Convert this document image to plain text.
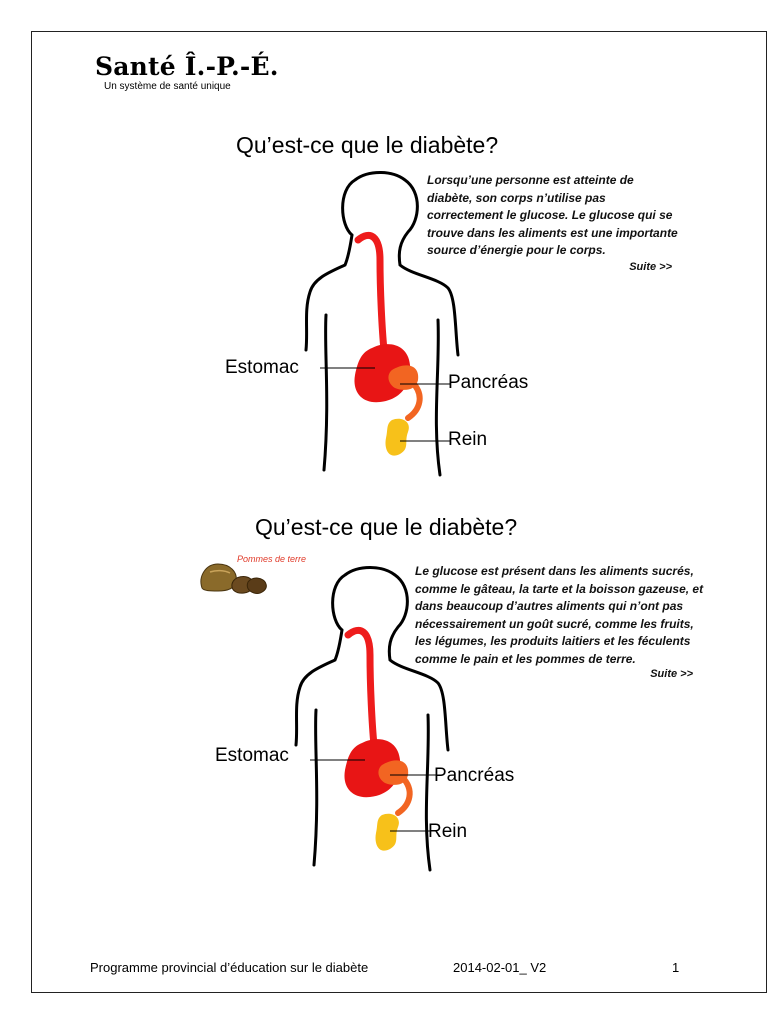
Santé Î.-P.-É.
Un système de santé unique
Qu’est-ce que le diabète?
Lorsqu’une personne est atteinte de diabète, son corps n’utilise pas correctement le glucose. Le glucose qui se trouve dans les aliments est une importante source d’énergie pour le corps.
Suite >>
Estomac
Pancréas
Rein
Qu’est-ce que le diabète?
Pommes de terre
Le glucose est présent dans les aliments sucrés, comme le gâteau, la tarte et la boisson gazeuse, et dans beaucoup d’autres aliments qui n’ont pas nécessairement un goût sucré, comme les fruits, les légumes, les produits laitiers et les féculents comme le pain et les pommes de terre.
Suite >>
Estomac
Pancréas
Rein
Programme provincial d’éducation sur le diabète	2014-02-01_ V2	1
